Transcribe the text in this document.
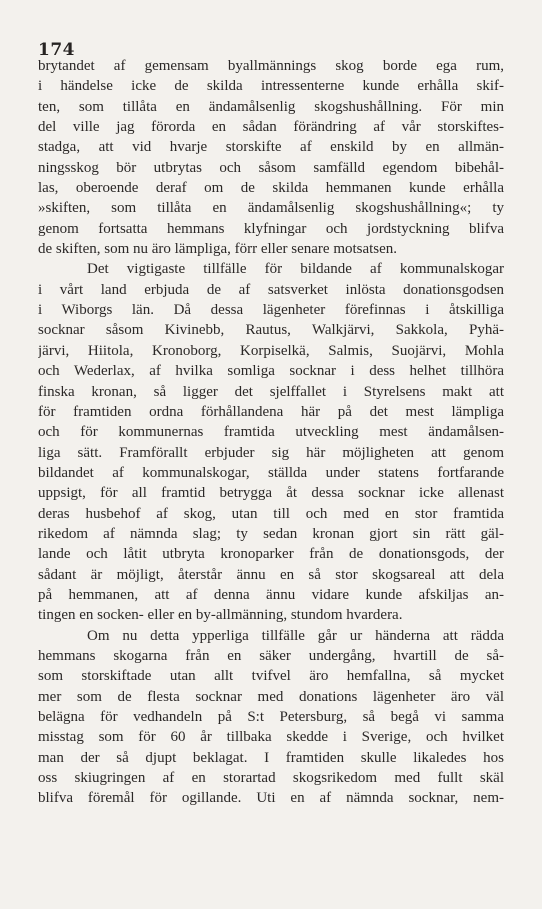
174
brytandet af gemensam byallmännings skog borde ega rum,
i händelse icke de skilda intressenterne kunde erhålla skif-
ten, som tillåta en ändamålsenlig skogshushållning. För min
del ville jag förorda en sådan förändring af vår storskiftes-
stadga, att vid hvarje storskifte af enskild by en allmän-
ningsskog bör utbrytas och såsom samfälld egendom bibehål-
las, oberoende deraf om de skilda hemmanen kunde erhålla
»skiften, som tillåta en ändamålsenlig skogshushållning«; ty
genom fortsatta hemmans klyfningar och jordstyckning blifva
de skiften, som nu äro lämpliga, förr eller senare motsatsen.
Det vigtigaste tillfälle för bildande af kommunalskogar
i vårt land erbjuda de af satsverket inlösta donationsgodsen
i Wiborgs län. Då dessa lägenheter förefinnas i åtskilliga
socknar såsom Kivinebb, Rautus, Walkjärvi, Sakkola, Pyhä-
järvi, Hiitola, Kronoborg, Korpiselkä, Salmis, Suojärvi, Mohla
och Wederlax, af hvilka somliga socknar i dess helhet tillhöra
finska kronan, så ligger det sjelffallet i Styrelsens makt att
för framtiden ordna förhållandena här på det mest lämpliga
och för kommunernas framtida utveckling mest ändamålsen-
liga sätt. Framförallt erbjuder sig här möjligheten att genom
bildandet af kommunalskogar, ställda under statens fortfarande
uppsigt, för all framtid betrygga åt dessa socknar icke allenast
deras husbehof af skog, utan till och med en stor framtida
rikedom af nämnda slag; ty sedan kronan gjort sin rätt gäl-
lande och låtit utbryta kronoparker från de donationsgods, der
sådant är möjligt, återstår ännu en så stor skogsareal att dela
på hemmanen, att af denna ännu vidare kunde afskiljas an-
tingen en socken- eller en by-allmänning, stundom hvardera.
Om nu detta ypperliga tillfälle går ur händerna att rädda
hemmans skogarna från en säker undergång, hvartill de så-
som storskiftade utan allt tvifvel äro hemfallna, så mycket
mer som de flesta socknar med donations lägenheter äro väl
belägna för vedhandeln på S:t Petersburg, så begå vi samma
misstag som för 60 år tillbaka skedde i Sverige, och hvilket
man der så djupt beklagat. I framtiden skulle likaledes hos
oss skiugringen af en storartad skogsrikedom med fullt skäl
blifva föremål för ogillande. Uti en af nämnda socknar, nem-
